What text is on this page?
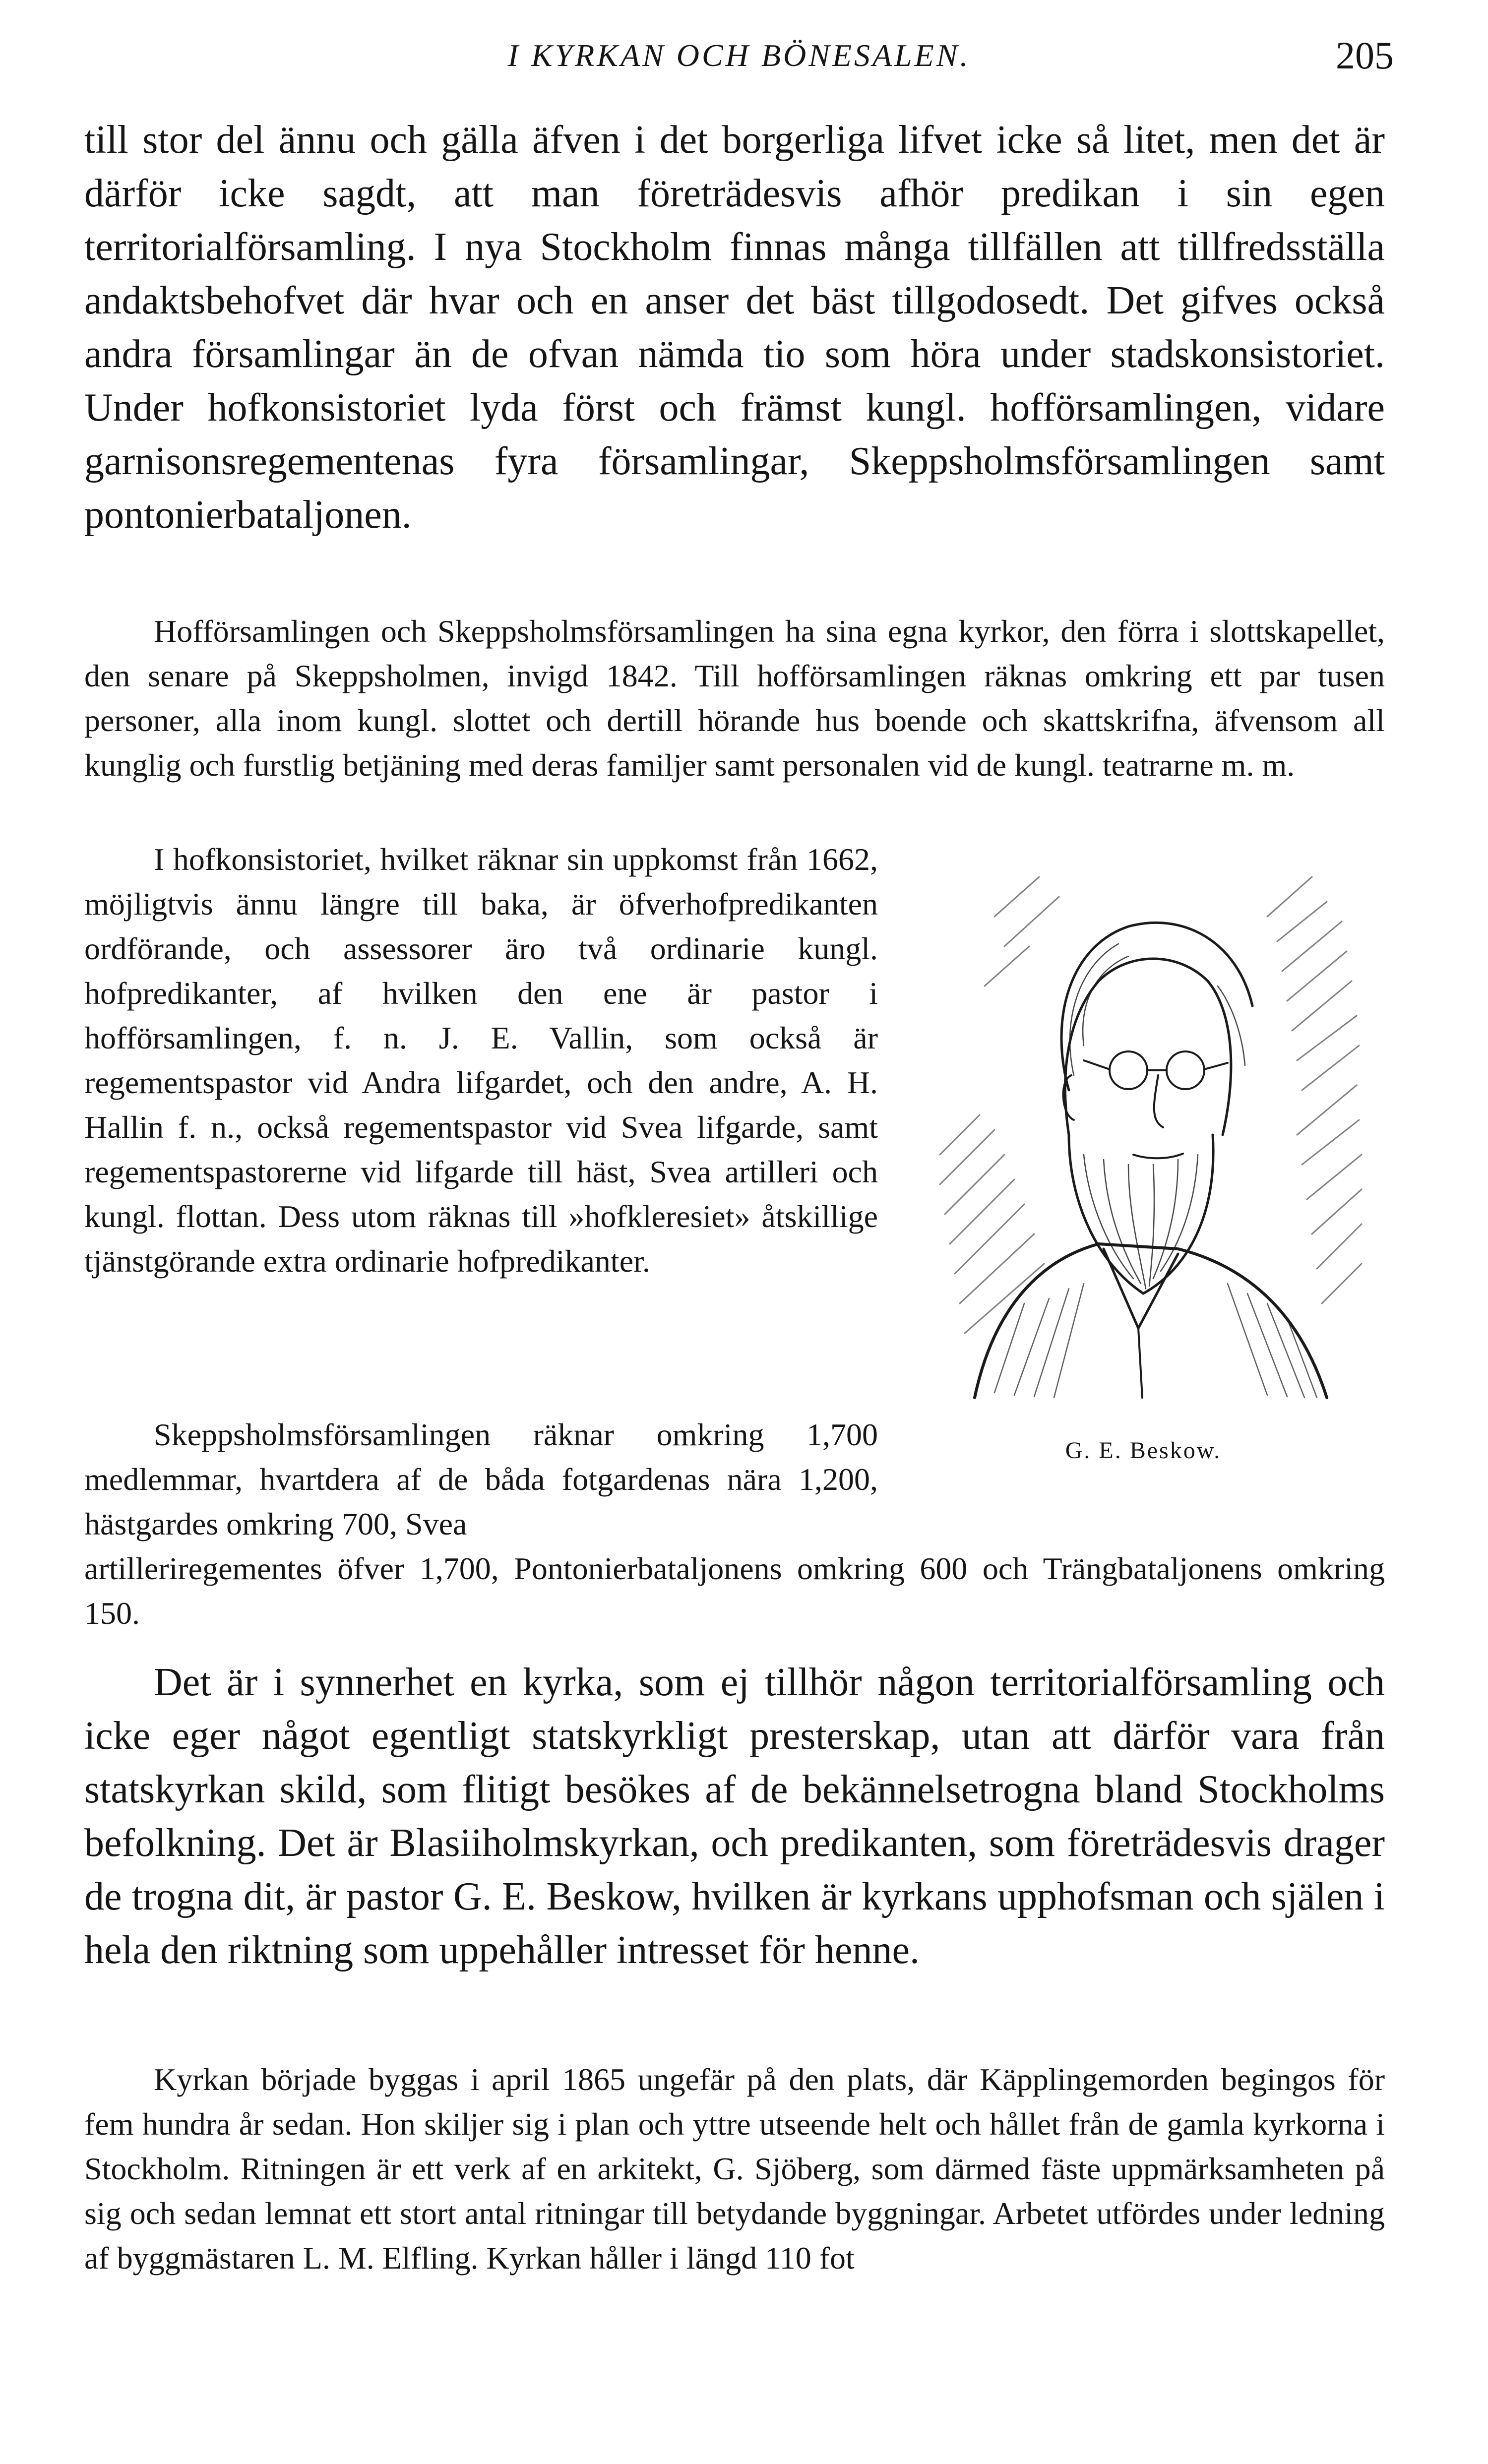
I KYRKAN OCH BÖNESALEN.	205

till stor del ännu och gälla äfven i det borgerliga lifvet icke så litet, men det är därför icke sagdt, att man företrädesvis afhör predikan i sin egen territorialförsamling. I nya Stockholm finnas många tillfällen att tillfredsställa andaktsbehofvet där hvar och en anser det bäst tillgodosedt. Det gifves också andra församlingar än de ofvan nämda tio som höra under stadskonsistoriet. Under hofkonsistoriet lyda först och främst kungl. hofförsamlingen, vidare garnisonsregementenas fyra församlingar, Skeppsholmsförsamlingen samt pontonierbataljonen.

Hofförsamlingen och Skeppsholmsförsamlingen ha sina egna kyrkor, den förra i slottskapellet, den senare på Skeppsholmen, invigd 1842. Till hofförsamlingen räknas omkring ett par tusen personer, alla inom kungl. slottet och dertill hörande hus boende och skattskrifna, äfvensom all kunglig och furstlig betjäning med deras familjer samt personalen vid de kungl. teatrarne m. m.

I hofkonsistoriet, hvilket räknar sin uppkomst från 1662, möjligtvis ännu längre till baka, är öfverhofpredikanten ordförande, och assessorer äro två ordinarie kungl. hofpredikanter, af hvilken den ene är pastor i hofförsamlingen, f. n. J. E. Vallin, som också är regementspastor vid Andra lifgardet, och den andre, A. H. Hallin f. n., också regementspastor vid Svea lifgarde, samt regementspastorerne vid lifgarde till häst, Svea artilleri och kungl. flottan. Dess utom räknas till »hofkleresiet» åtskillige tjänstgörande extra ordinarie hofpredikanter.

G. E. Beskow.

Skeppsholmsförsamlingen räknar omkring 1,700 medlemmar, hvartdera af de båda fotgardenas nära 1,200, hästgardes omkring 700, Svea

artilleriregementes öfver 1,700, Pontonierbataljonens omkring 600 och Trängbataljonens omkring 150.

Det är i synnerhet en kyrka, som ej tillhör någon territorialförsamling och icke eger något egentligt statskyrkligt presterskap, utan att därför vara från statskyrkan skild, som flitigt besökes af de bekännelsetrogna bland Stockholms befolkning. Det är Blasiiholmskyrkan, och predikanten, som företrädesvis drager de trogna dit, är pastor G. E. Beskow, hvilken är kyrkans upphofsman och själen i hela den riktning som uppehåller intresset för henne.

Kyrkan började byggas i april 1865 ungefär på den plats, där Käpplingemorden begingos för fem hundra år sedan. Hon skiljer sig i plan och yttre utseende helt och hållet från de gamla kyrkorna i Stockholm. Ritningen är ett verk af en arkitekt, G. Sjöberg, som därmed fäste uppmärksamheten på sig och sedan lemnat ett stort antal ritningar till betydande byggningar. Arbetet utfördes under ledning af byggmästaren L. M. Elfling. Kyrkan håller i längd 110 fot
